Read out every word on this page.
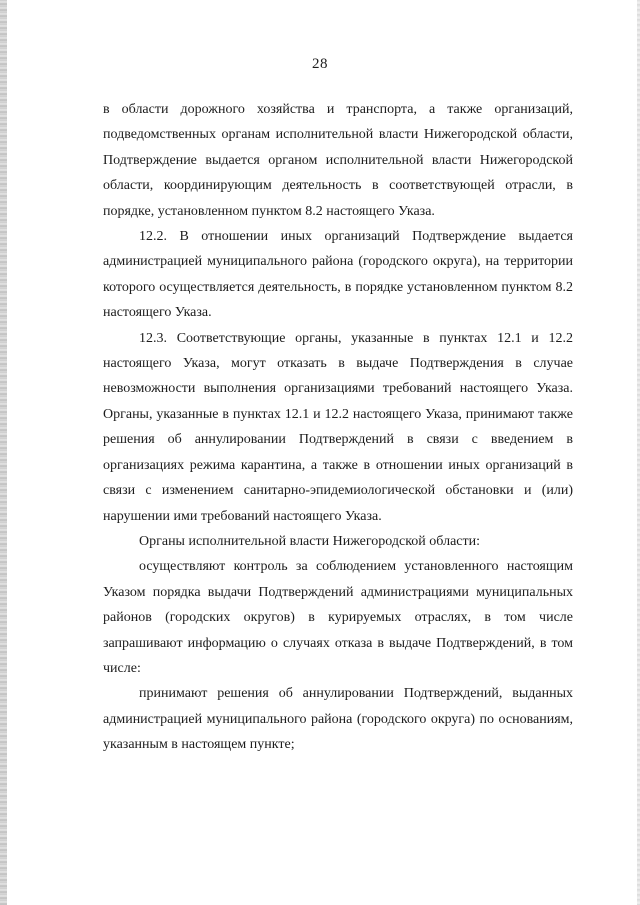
28

в области дорожного хозяйства и транспорта, а также организаций, подведомственных органам исполнительной власти Нижегородской области, Подтверждение выдается органом исполнительной власти Нижегородской области, координирующим деятельность в соответствующей отрасли, в порядке, установленном пунктом 8.2 настоящего Указа.

12.2. В отношении иных организаций Подтверждение выдается администрацией муниципального района (городского округа), на территории которого осуществляется деятельность, в порядке установленном пунктом 8.2 настоящего Указа.

12.3. Соответствующие органы, указанные в пунктах 12.1 и 12.2 настоящего Указа, могут отказать в выдаче Подтверждения в случае невозможности выполнения организациями требований настоящего Указа. Органы, указанные в пунктах 12.1 и 12.2 настоящего Указа, принимают также решения об аннулировании Подтверждений в связи с введением в организациях режима карантина, а также в отношении иных организаций в связи с изменением санитарно-эпидемиологической обстановки и (или) нарушении ими требований настоящего Указа.

Органы исполнительной власти Нижегородской области:

осуществляют контроль за соблюдением установленного настоящим Указом порядка выдачи Подтверждений администрациями муниципальных районов (городских округов) в курируемых отраслях, в том числе запрашивают информацию о случаях отказа в выдаче Подтверждений, в том числе:

принимают решения об аннулировании Подтверждений, выданных администрацией муниципального района (городского округа) по основаниям, указанным в настоящем пункте;
